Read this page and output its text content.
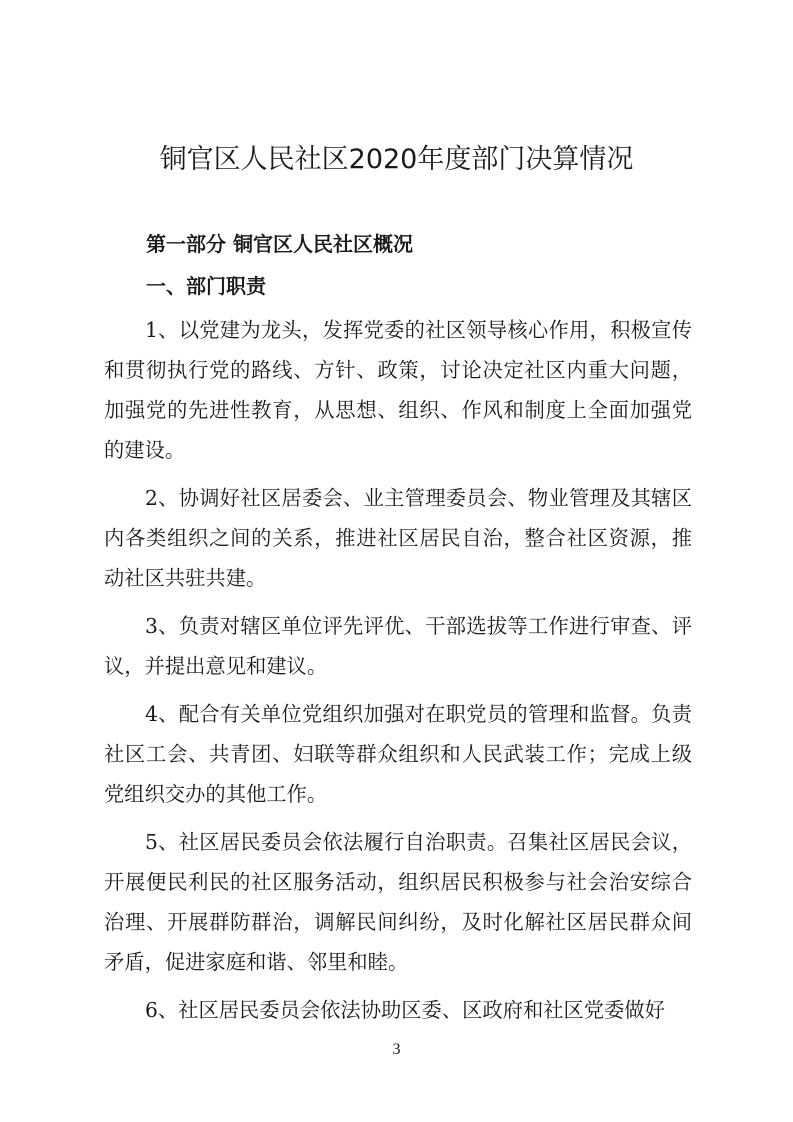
铜官区人民社区2020年度部门决算情况
第一部分 铜官区人民社区概况
一、部门职责

1、以党建为龙头，发挥党委的社区领导核心作用，积极宣传和贯彻执行党的路线、方针、政策，讨论决定社区内重大问题，加强党的先进性教育，从思想、组织、作风和制度上全面加强党的建设。

2、协调好社区居委会、业主管理委员会、物业管理及其辖区内各类组织之间的关系，推进社区居民自治，整合社区资源，推动社区共驻共建。

3、负责对辖区单位评先评优、干部选拔等工作进行审查、评议，并提出意见和建议。

4、配合有关单位党组织加强对在职党员的管理和监督。负责社区工会、共青团、妇联等群众组织和人民武装工作；完成上级党组织交办的其他工作。

5、社区居民委员会依法履行自治职责。召集社区居民会议，开展便民利民的社区服务活动，组织居民积极参与社会治安综合治理、开展群防群治，调解民间纠纷，及时化解社区居民群众间矛盾，促进家庭和谐、邻里和睦。

6、社区居民委员会依法协助区委、区政府和社区党委做好

3
